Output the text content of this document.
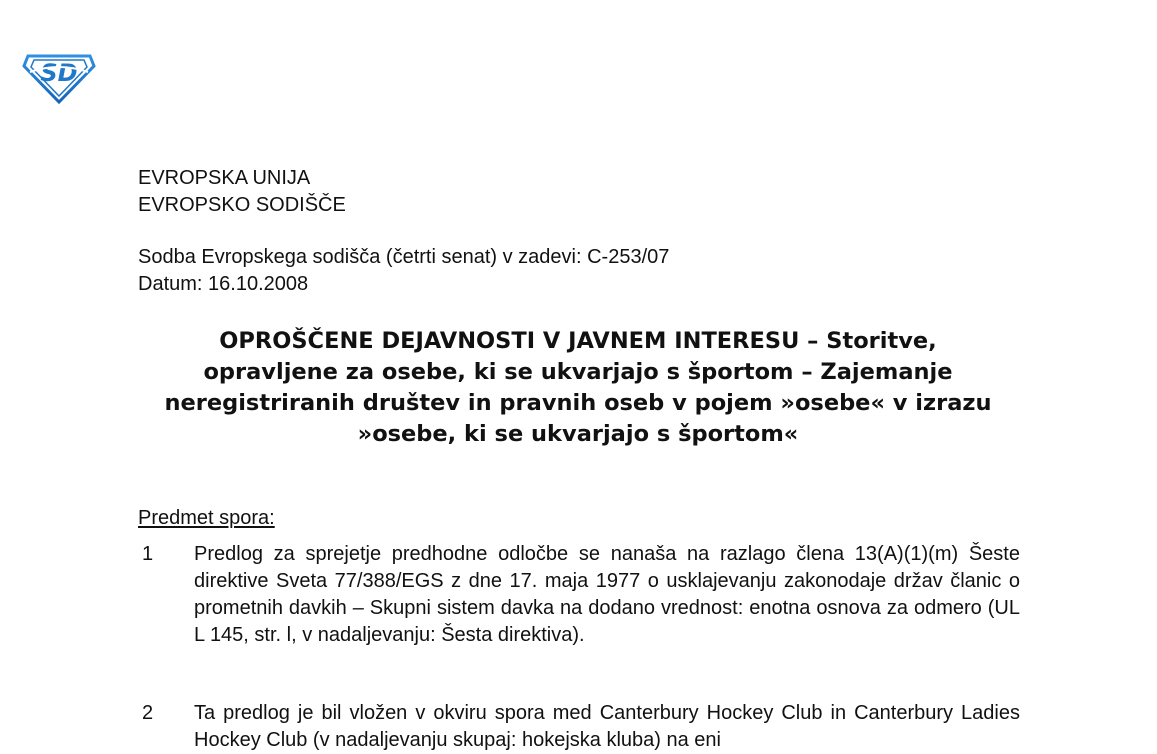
SD
EVROPSKA UNIJA
EVROPSKO SODIŠČE
Sodba Evropskega sodišča (četrti senat) v zadevi: C-253/07
Datum: 16.10.2008
OPROŠČENE DEJAVNOSTI V JAVNEM INTERESU – Storitve,
opravljene za osebe, ki se ukvarjajo s športom – Zajemanje
neregistriranih društev in pravnih oseb v pojem »osebe« v izrazu
»osebe, ki se ukvarjajo s športom«
Predmet spora:
1 Predlog za sprejetje predhodne odločbe se nanaša na razlago člena 13(A)(1)(m) Šeste direktive Sveta 77/388/EGS z dne 17. maja 1977 o usklajevanju zakonodaje držav članic o prometnih davkih – Skupni sistem davka na dodano vrednost: enotna osnova za odmero (UL L 145, str. l, v nadaljevanju: Šesta direktiva).
2 Ta predlog je bil vložen v okviru spora med Canterbury Hockey Club in Canterbury Ladies Hockey Club (v nadaljevanju skupaj: hokejska kluba) na eni
